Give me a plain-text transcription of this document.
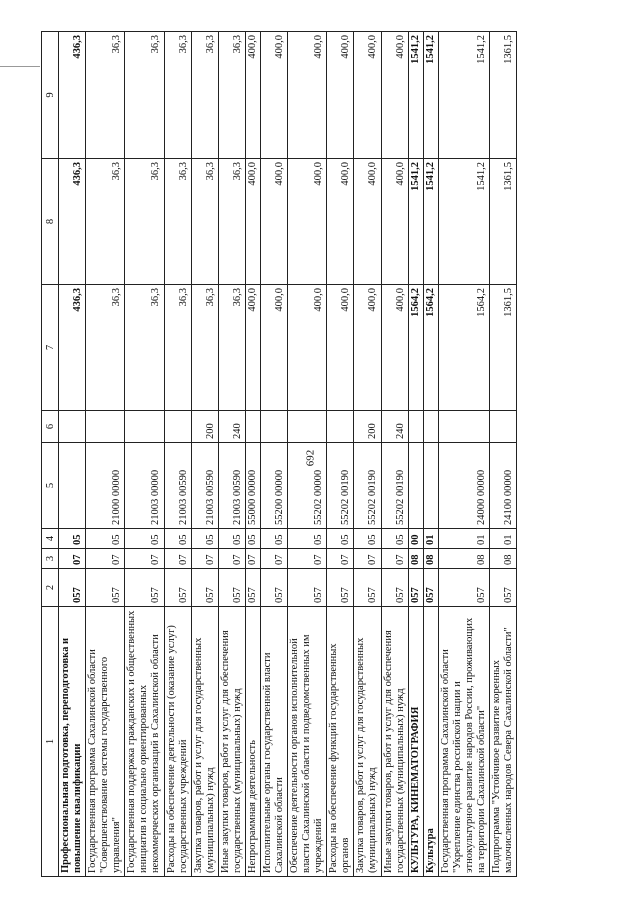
692
1	2	3	4	5	6	7	8	9
Профессиональная подготовка, переподготовка и повышение квалификации	057	07	05			436,3	436,3	436,3
Государственная программа Сахалинской области "Совершенствование системы государственного управления"	057	07	05	21000 00000		36,3	36,3	36,3
Государственная поддержка гражданских и общественных инициатив и социально ориентированных некоммерческих организаций в Сахалинской области	057	07	05	21003 00000		36,3	36,3	36,3
Расходы на обеспечение деятельности (оказание услуг) государственных учреждений	057	07	05	21003 00590		36,3	36,3	36,3
Закупка товаров, работ и услуг для государственных (муниципальных) нужд	057	07	05	21003 00590	200	36,3	36,3	36,3
Иные закупки товаров, работ и услуг для обеспечения государственных (муниципальных) нужд	057	07	05	21003 00590	240	36,3	36,3	36,3
Непрограммная деятельность	057	07	05	55000 00000		400,0	400,0	400,0
Исполнительные органы государственной власти Сахалинской области	057	07	05	55200 00000		400,0	400,0	400,0
Обеспечение деятельности органов исполнительной власти Сахалинской области и подведомственных им учреждений	057	07	05	55202 00000		400,0	400,0	400,0
Расходы на обеспечение функций государственных органов	057	07	05	55202 00190		400,0	400,0	400,0
Закупка товаров, работ и услуг для государственных (муниципальных) нужд	057	07	05	55202 00190	200	400,0	400,0	400,0
Иные закупки товаров, работ и услуг для обеспечения государственных (муниципальных) нужд	057	07	05	55202 00190	240	400,0	400,0	400,0
КУЛЬТУРА, КИНЕМАТОГРАФИЯ	057	08	00			1564,2	1541,2	1541,2
Культура	057	08	01			1564,2	1541,2	1541,2
Государственная программа Сахалинской области "Укрепление единства российской нации и этнокультурное развитие народов России, проживающих на территории Сахалинской области"	057	08	01	24000 00000		1564,2	1541,2	1541,2
Подпрограмма "Устойчивое развитие коренных малочисленных народов Севера Сахалинской области"	057	08	01	24100 00000		1361,5	1361,5	1361,5
